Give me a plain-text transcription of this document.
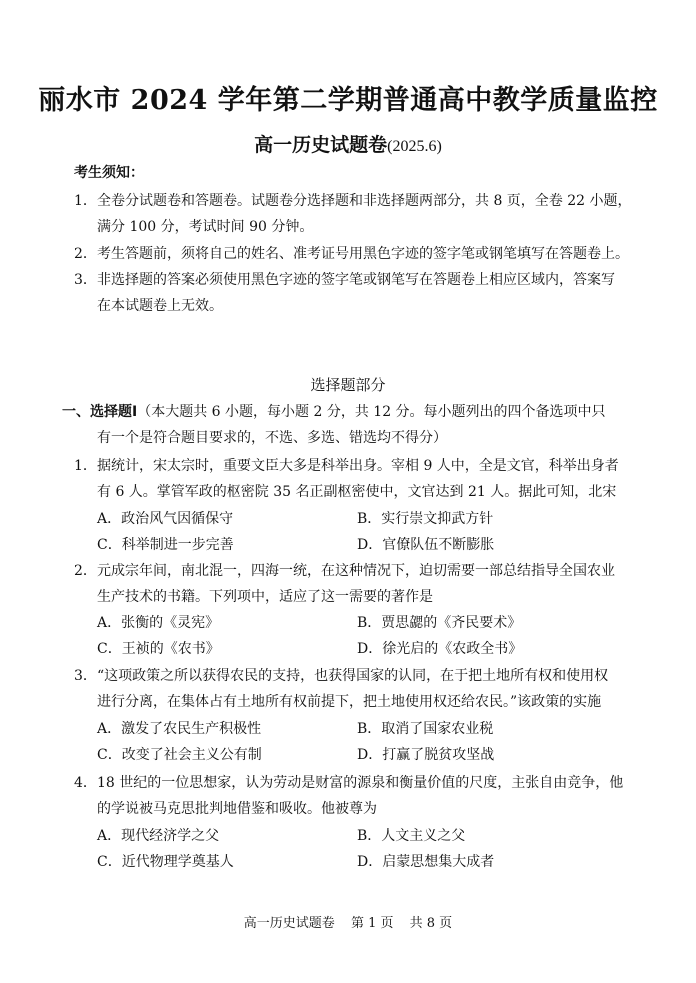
丽水市 2024 学年第二学期普通高中教学质量监控
高一历史试题卷(2025.6)
考生须知：
1． 全卷分试题卷和答题卷。试题卷分选择题和非选择题两部分，共 8 页，全卷 22 小题，
满分 100 分，考试时间 90 分钟。
2． 考生答题前，须将自己的姓名、准考证号用黑色字迹的签字笔或钢笔填写在答题卷上。
3． 非选择题的答案必须使用黑色字迹的签字笔或钢笔写在答题卷上相应区域内，答案写
在本试题卷上无效。
选择题部分
一、选择题Ⅰ（本大题共 6 小题，每小题 2 分，共 12 分。每小题列出的四个备选项中只
有一个是符合题目要求的，不选、多选、错选均不得分）
1． 据统计，宋太宗时，重要文臣大多是科举出身。宰相 9 人中，全是文官，科举出身者
有 6 人。掌管军政的枢密院 35 名正副枢密使中，文官达到 21 人。据此可知，北宋
A．政治风气因循保守	B．实行崇文抑武方针
C．科举制进一步完善	D．官僚队伍不断膨胀
2． 元成宗年间，南北混一，四海一统，在这种情况下，迫切需要一部总结指导全国农业
生产技术的书籍。下列项中，适应了这一需要的著作是
A．张衡的《灵宪》	B．贾思勰的《齐民要术》
C．王祯的《农书》	D．徐光启的《农政全书》
3． “这项政策之所以获得农民的支持，也获得国家的认同，在于把土地所有权和使用权
进行分离，在集体占有土地所有权前提下，把土地使用权还给农民。”该政策的实施
A．激发了农民生产积极性	B．取消了国家农业税
C．改变了社会主义公有制	D．打赢了脱贫攻坚战
4． 18 世纪的一位思想家，认为劳动是财富的源泉和衡量价值的尺度，主张自由竞争，他
的学说被马克思批判地借鉴和吸收。他被尊为
A．现代经济学之父	B．人文主义之父
C．近代物理学奠基人	D．启蒙思想集大成者
高一历史试题卷 第 1 页 共 8 页
